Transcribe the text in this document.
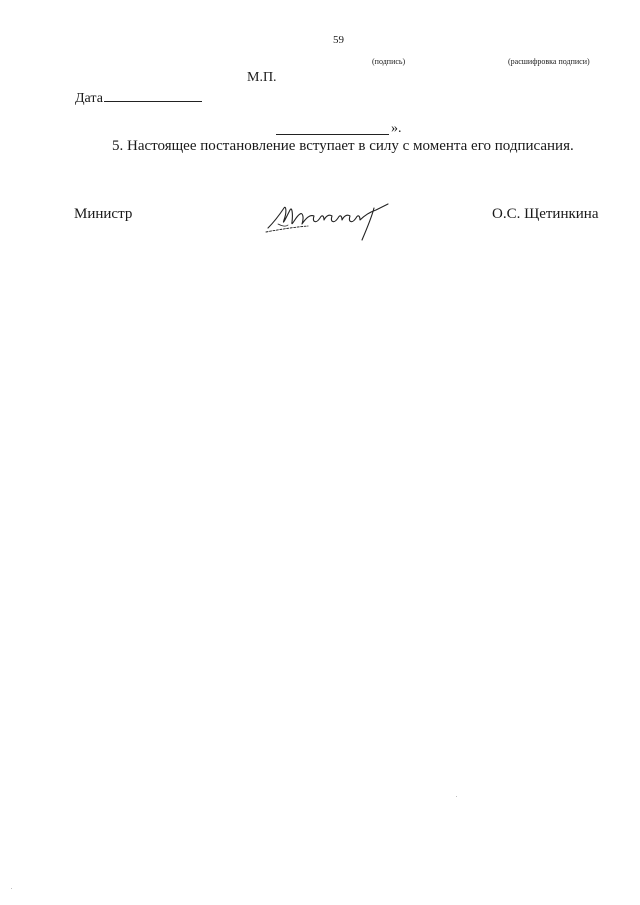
59
(подпись)	(расшифровка подписи)
М.П.
Дата
».
5. Настоящее постановление вступает в силу с момента его подписания.
Министр	О.С. Щетинкина
